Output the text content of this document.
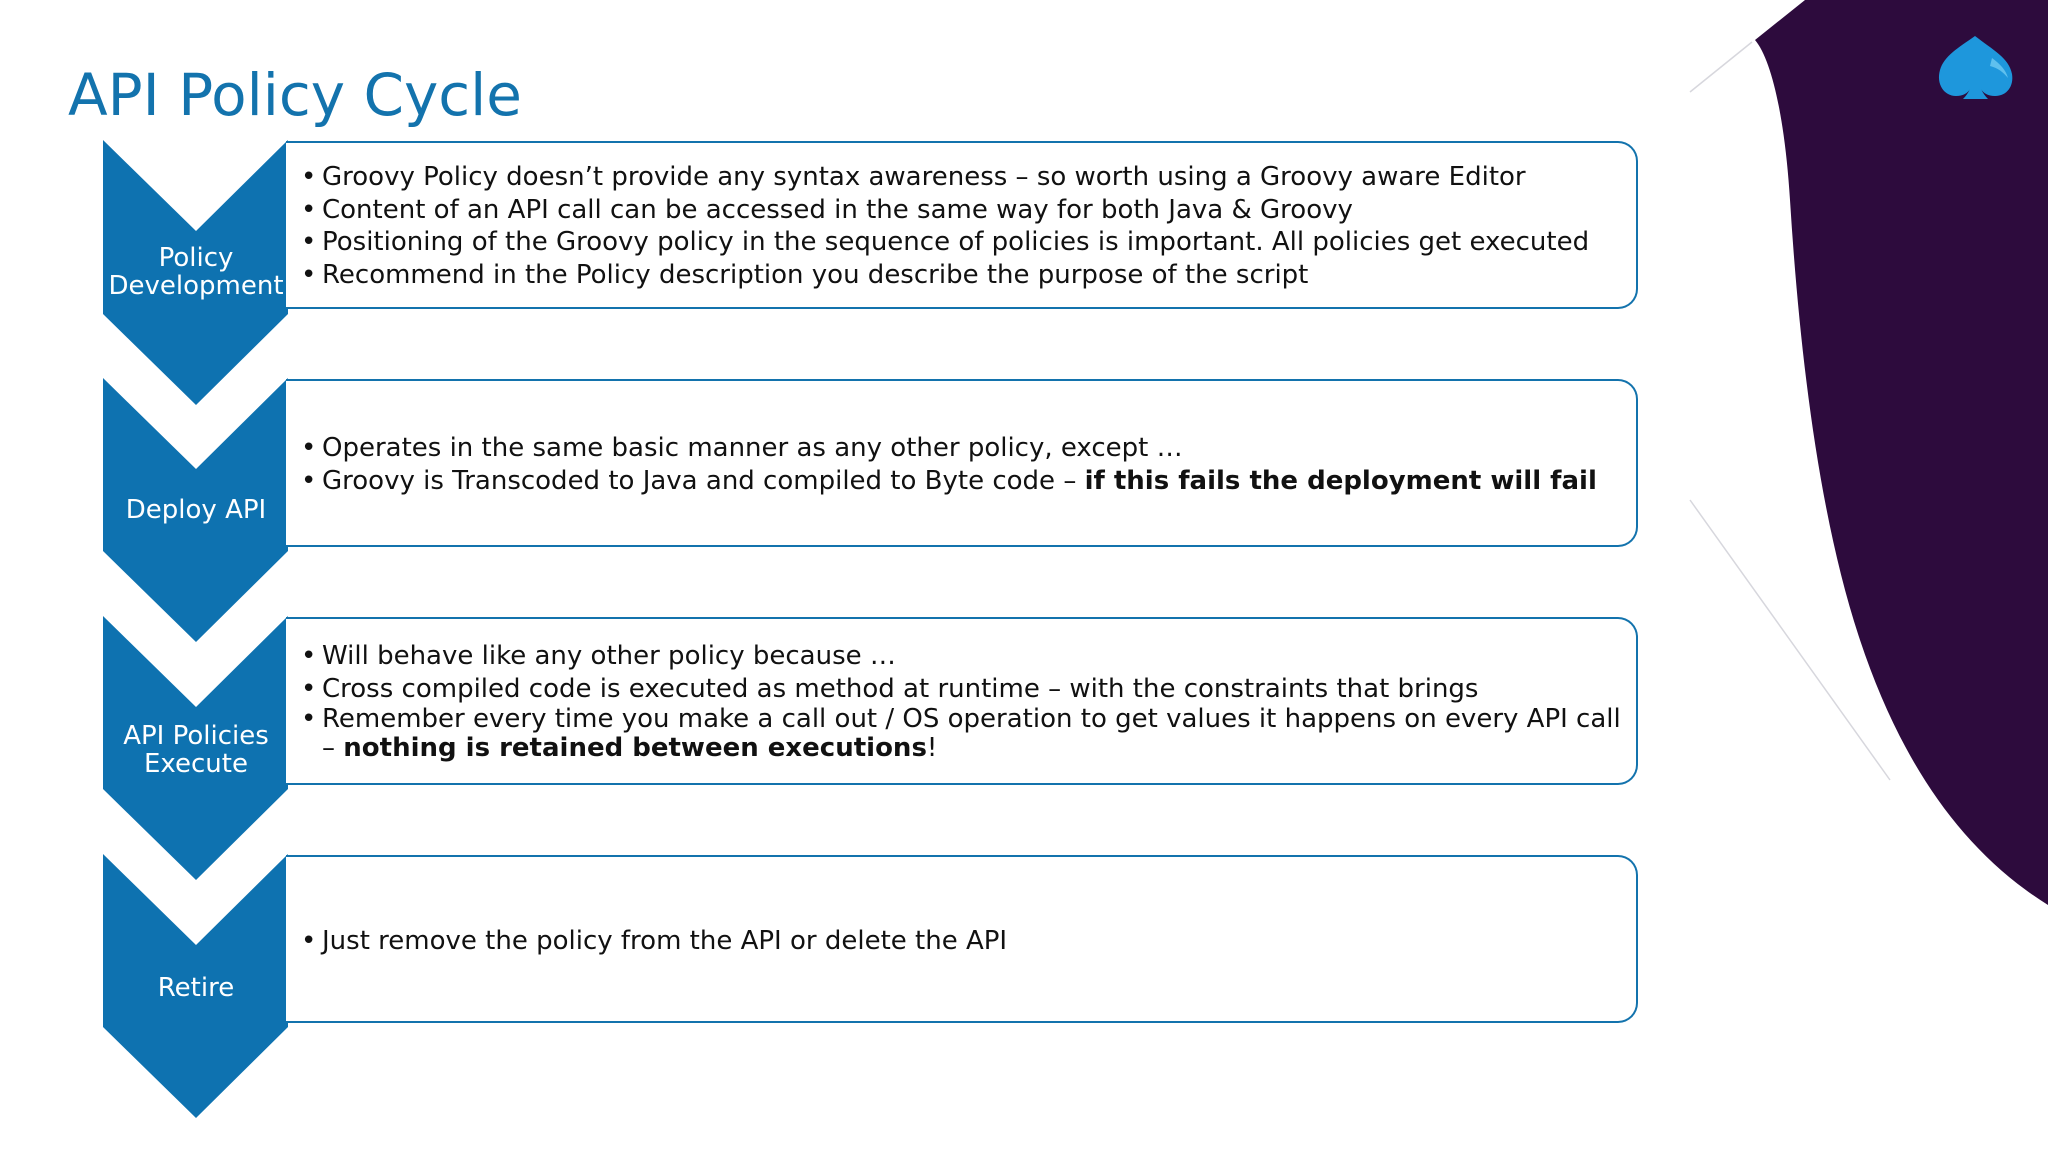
API Policy Cycle
Policy
Development
Deploy API
API Policies
Execute
Retire
• Groovy Policy doesn’t provide any syntax awareness – so worth using a Groovy aware Editor
• Content of an API call can be accessed in the same way for both Java & Groovy
• Positioning of the Groovy policy in the sequence of policies is important. All policies get executed
• Recommend in the Policy description you describe the purpose of the script
• Operates in the same basic manner as any other policy, except …
• Groovy is Transcoded to Java and compiled to Byte code – if this fails the deployment will fail
• Will behave like any other policy because …
• Cross compiled code is executed as method at runtime – with the constraints that brings
• Remember every time you make a call out / OS operation to get values it happens on every API call
– nothing is retained between executions!
• Just remove the policy from the API or delete the API
